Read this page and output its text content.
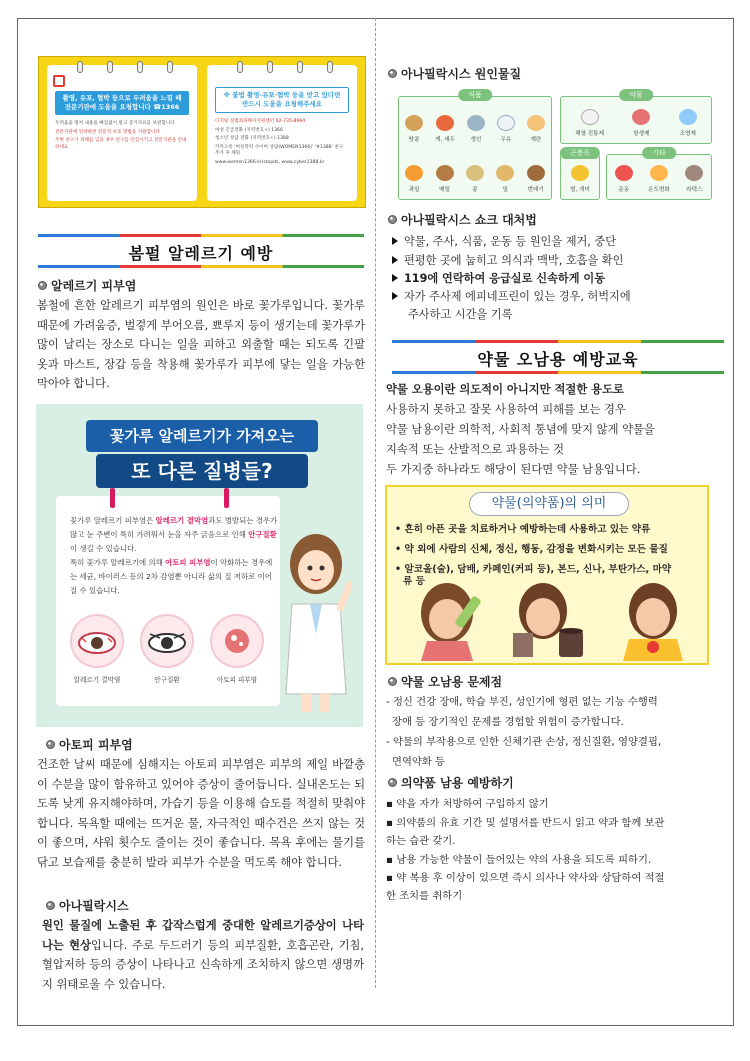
촬영, 유포, 협박 등으로 두려움을 느낄 때 전문기관에 도움을 요청합니다 ☎1366
두려움을 떨쳐 내용을 빠짐없이 말고 증거자료를 보관합니다
전문기관에 연락하면 전문적 보호 방법을 지원합니다
주변 친구가 피해를 입을 경우 친구를 안심시키고 전문기관을 안내하세요
※ 불법 촬영·유포·협박 등을 받고 있다면 반드시 도움을 요청해주세요
디지털 성범죄피해자지원센터 02-735-8994
여성 긴급전화 (지역번호+) 1366
청소년 상담 전화 (지역번호+) 1388
카카오톡 '여성폭력 사이버 상담(WOMEN1366)' '#1388' 친구 추가 후 채팅
www.women1366.kr/stopds, www.cyber1388.kr
봄펄 알레르기 예방
알레르기 피부염
봄철에 흔한 알레르기 피부염의 원인은 바로 꽃가루입니다. 꽃가루 때문에 가려움증, 벌겋게 부어오름, 뾰루지 등이 생기는데 꽃가루가 많이 날리는 장소로 다니는 일을 피하고 외출할 때는 되도록 긴팔 옷과 마스트, 장갑 등을 착용해 꽃가루가 피부에 닿는 일을 가능한 막아야 합니다.
꽃가루 알레르기가 가져오는
또 다른 질병들?
꽃가루 알레르기 피부염은 알레르기 결막염과도 병발되는 경우가 많고 눈 주변이 특히 가려워서 눈을 자주 긁음으로 인해 안구질환이 생길 수 있습니다.
특히 꽃가루 알레르기에 의해 아토피 피부염이 악화하는 경우에는 세균, 바이러스 등의 2차 감염뿐 아니라 삶의 질 저하로 이어질 수 있습니다.
알레르기 결막염	안구질환	아토피 피부염
아토피 피부염
건조한 날씨 때문에 심해지는 아토피 피부염은 피부의 제일 바깥층이 수분을 많이 함유하고 있어야 증상이 줄어듭니다. 실내온도는 되도록 낮게 유지해야하며, 가습기 등을 이용해 습도를 적절히 맞춰야 합니다. 목욕할 때에는 뜨거운 물, 자극적인 때수건은 쓰지 않는 것이 좋으며, 샤워 횟수도 줄이는 것이 좋습니다. 목욕 후에는 물기를 닦고 보습제를 충분히 발라 피부가 수분을 먹도록 해야 합니다.
아나필락시스
원인 물질에 노출된 후 갑작스럽게 중대한 알레르기증상이 나타나는 현상입니다. 주로 두드러기 등의 피부질환, 호흡곤란, 기침, 혈압저하 등의 증상이 나타나고 신속하게 조치하지 않으면 생명까지 위태로울 수 있습니다.
아나필락시스 원인물질
식품
땅콩	게, 새우	생선	우유	계란
과일	메밀	콩	밀	번데기
약물
해열 진통제	항생제	조영제
곤충독
벌, 개미
기타
운동	온도변화	라텍스
아나필락시스 쇼크 대처법
약물, 주사, 식품, 운동 등 원인을 제거, 중단
편평한 곳에 눕히고 의식과 맥박, 호흡을 확인
119에 연락하여 응급실로 신속하게 이동
자가 주사제 에피네프린이 있는 경우, 허벅지에
주사하고 시간을 기록
약물 오남용 예방교육
약물 오용이란 의도적이 아니지만 적절한 용도로
사용하지 못하고 잘못 사용하여 피해를 보는 경우
약물 남용이란 의학적, 사회적 통념에 맞지 않게 약물을
지속적 또는 산발적으로 과용하는 것
두 가지중 하나라도 해당이 된다면 약물 남용입니다.
약물(의약품)의 의미
• 흔히 아픈 곳을 치료하거나 예방하는데 사용하고 있는 약류
• 약 외에 사람의 신체, 정신, 행동, 감정을 변화시키는 모든 물질
• 알코올(술), 담배, 카페인(커피 등), 본드, 신나, 부탄가스, 마약
류 등
약물 오남용 문제점
- 정신 건강 장애, 학습 부진, 성인기에 형편 없는 기능 수행력
장애 등 장기적인 문제를 경험할 위험이 증가합니다.
- 약물의 부작용으로 인한 신체기관 손상, 정신질환, 영양결핍,
면역약화 등
의약품 남용 예방하기
▪ 약을 자가 처방하여 구입하지 않기
▪ 의약품의 유효 기간 및 설명서를 반드시 읽고 약과 함께 보관
하는 습관 갖기.
▪ 남용 가능한 약물이 들어있는 약의 사용을 되도록 피하기.
▪ 약 복용 후 이상이 있으면 즉시 의사나 약사와 상담하여 적절
한 조치를 취하기
